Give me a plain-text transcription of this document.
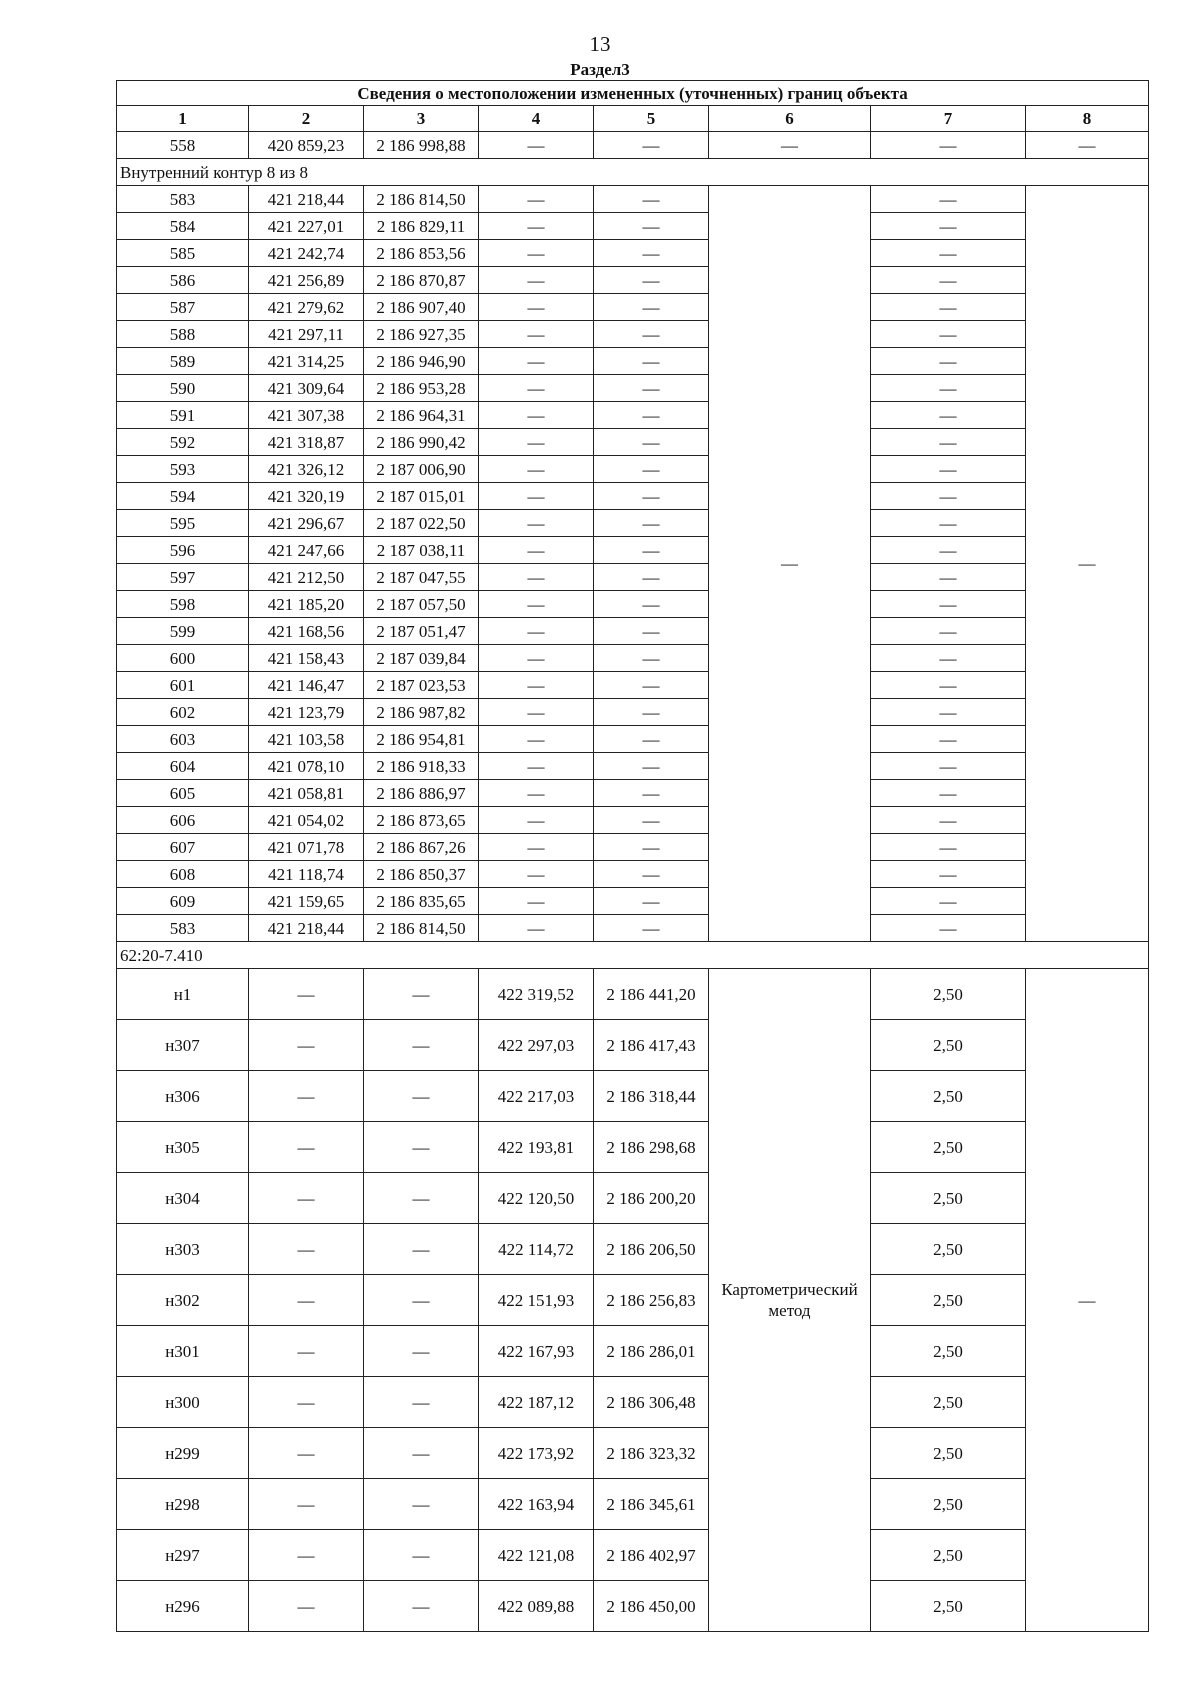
13
Раздел3
Сведения о местоположении измененных (уточненных) границ объекта							
1	2	3	4	5	6	7	8
558	420 859,23	2 186 998,88	—	—	—	—	—
Внутренний контур 8 из 8							
583	421 218,44	2 186 814,50	—	—	—	—	—
584	421 227,01	2 186 829,11	—	—		—	
585	421 242,74	2 186 853,56	—	—		—	
586	421 256,89	2 186 870,87	—	—		—	
587	421 279,62	2 186 907,40	—	—		—	
588	421 297,11	2 186 927,35	—	—		—	
589	421 314,25	2 186 946,90	—	—		—	
590	421 309,64	2 186 953,28	—	—		—	
591	421 307,38	2 186 964,31	—	—		—	
592	421 318,87	2 186 990,42	—	—		—	
593	421 326,12	2 187 006,90	—	—		—	
594	421 320,19	2 187 015,01	—	—		—	
595	421 296,67	2 187 022,50	—	—		—	
596	421 247,66	2 187 038,11	—	—		—	
597	421 212,50	2 187 047,55	—	—		—	
598	421 185,20	2 187 057,50	—	—		—	
599	421 168,56	2 187 051,47	—	—		—	
600	421 158,43	2 187 039,84	—	—		—	
601	421 146,47	2 187 023,53	—	—		—	
602	421 123,79	2 186 987,82	—	—		—	
603	421 103,58	2 186 954,81	—	—		—	
604	421 078,10	2 186 918,33	—	—		—	
605	421 058,81	2 186 886,97	—	—		—	
606	421 054,02	2 186 873,65	—	—		—	
607	421 071,78	2 186 867,26	—	—		—	
608	421 118,74	2 186 850,37	—	—		—	
609	421 159,65	2 186 835,65	—	—		—	
583	421 218,44	2 186 814,50	—	—		—	
62:20-7.410							
н1	—	—	422 319,52	2 186 441,20	Картометрический метод	2,50	—
н307	—	—	422 297,03	2 186 417,43		2,50	
н306	—	—	422 217,03	2 186 318,44		2,50	
н305	—	—	422 193,81	2 186 298,68		2,50	
н304	—	—	422 120,50	2 186 200,20		2,50	
н303	—	—	422 114,72	2 186 206,50		2,50	
н302	—	—	422 151,93	2 186 256,83		2,50	
н301	—	—	422 167,93	2 186 286,01		2,50	
н300	—	—	422 187,12	2 186 306,48		2,50	
н299	—	—	422 173,92	2 186 323,32		2,50	
н298	—	—	422 163,94	2 186 345,61		2,50	
н297	—	—	422 121,08	2 186 402,97		2,50	
н296	—	—	422 089,88	2 186 450,00		2,50	
